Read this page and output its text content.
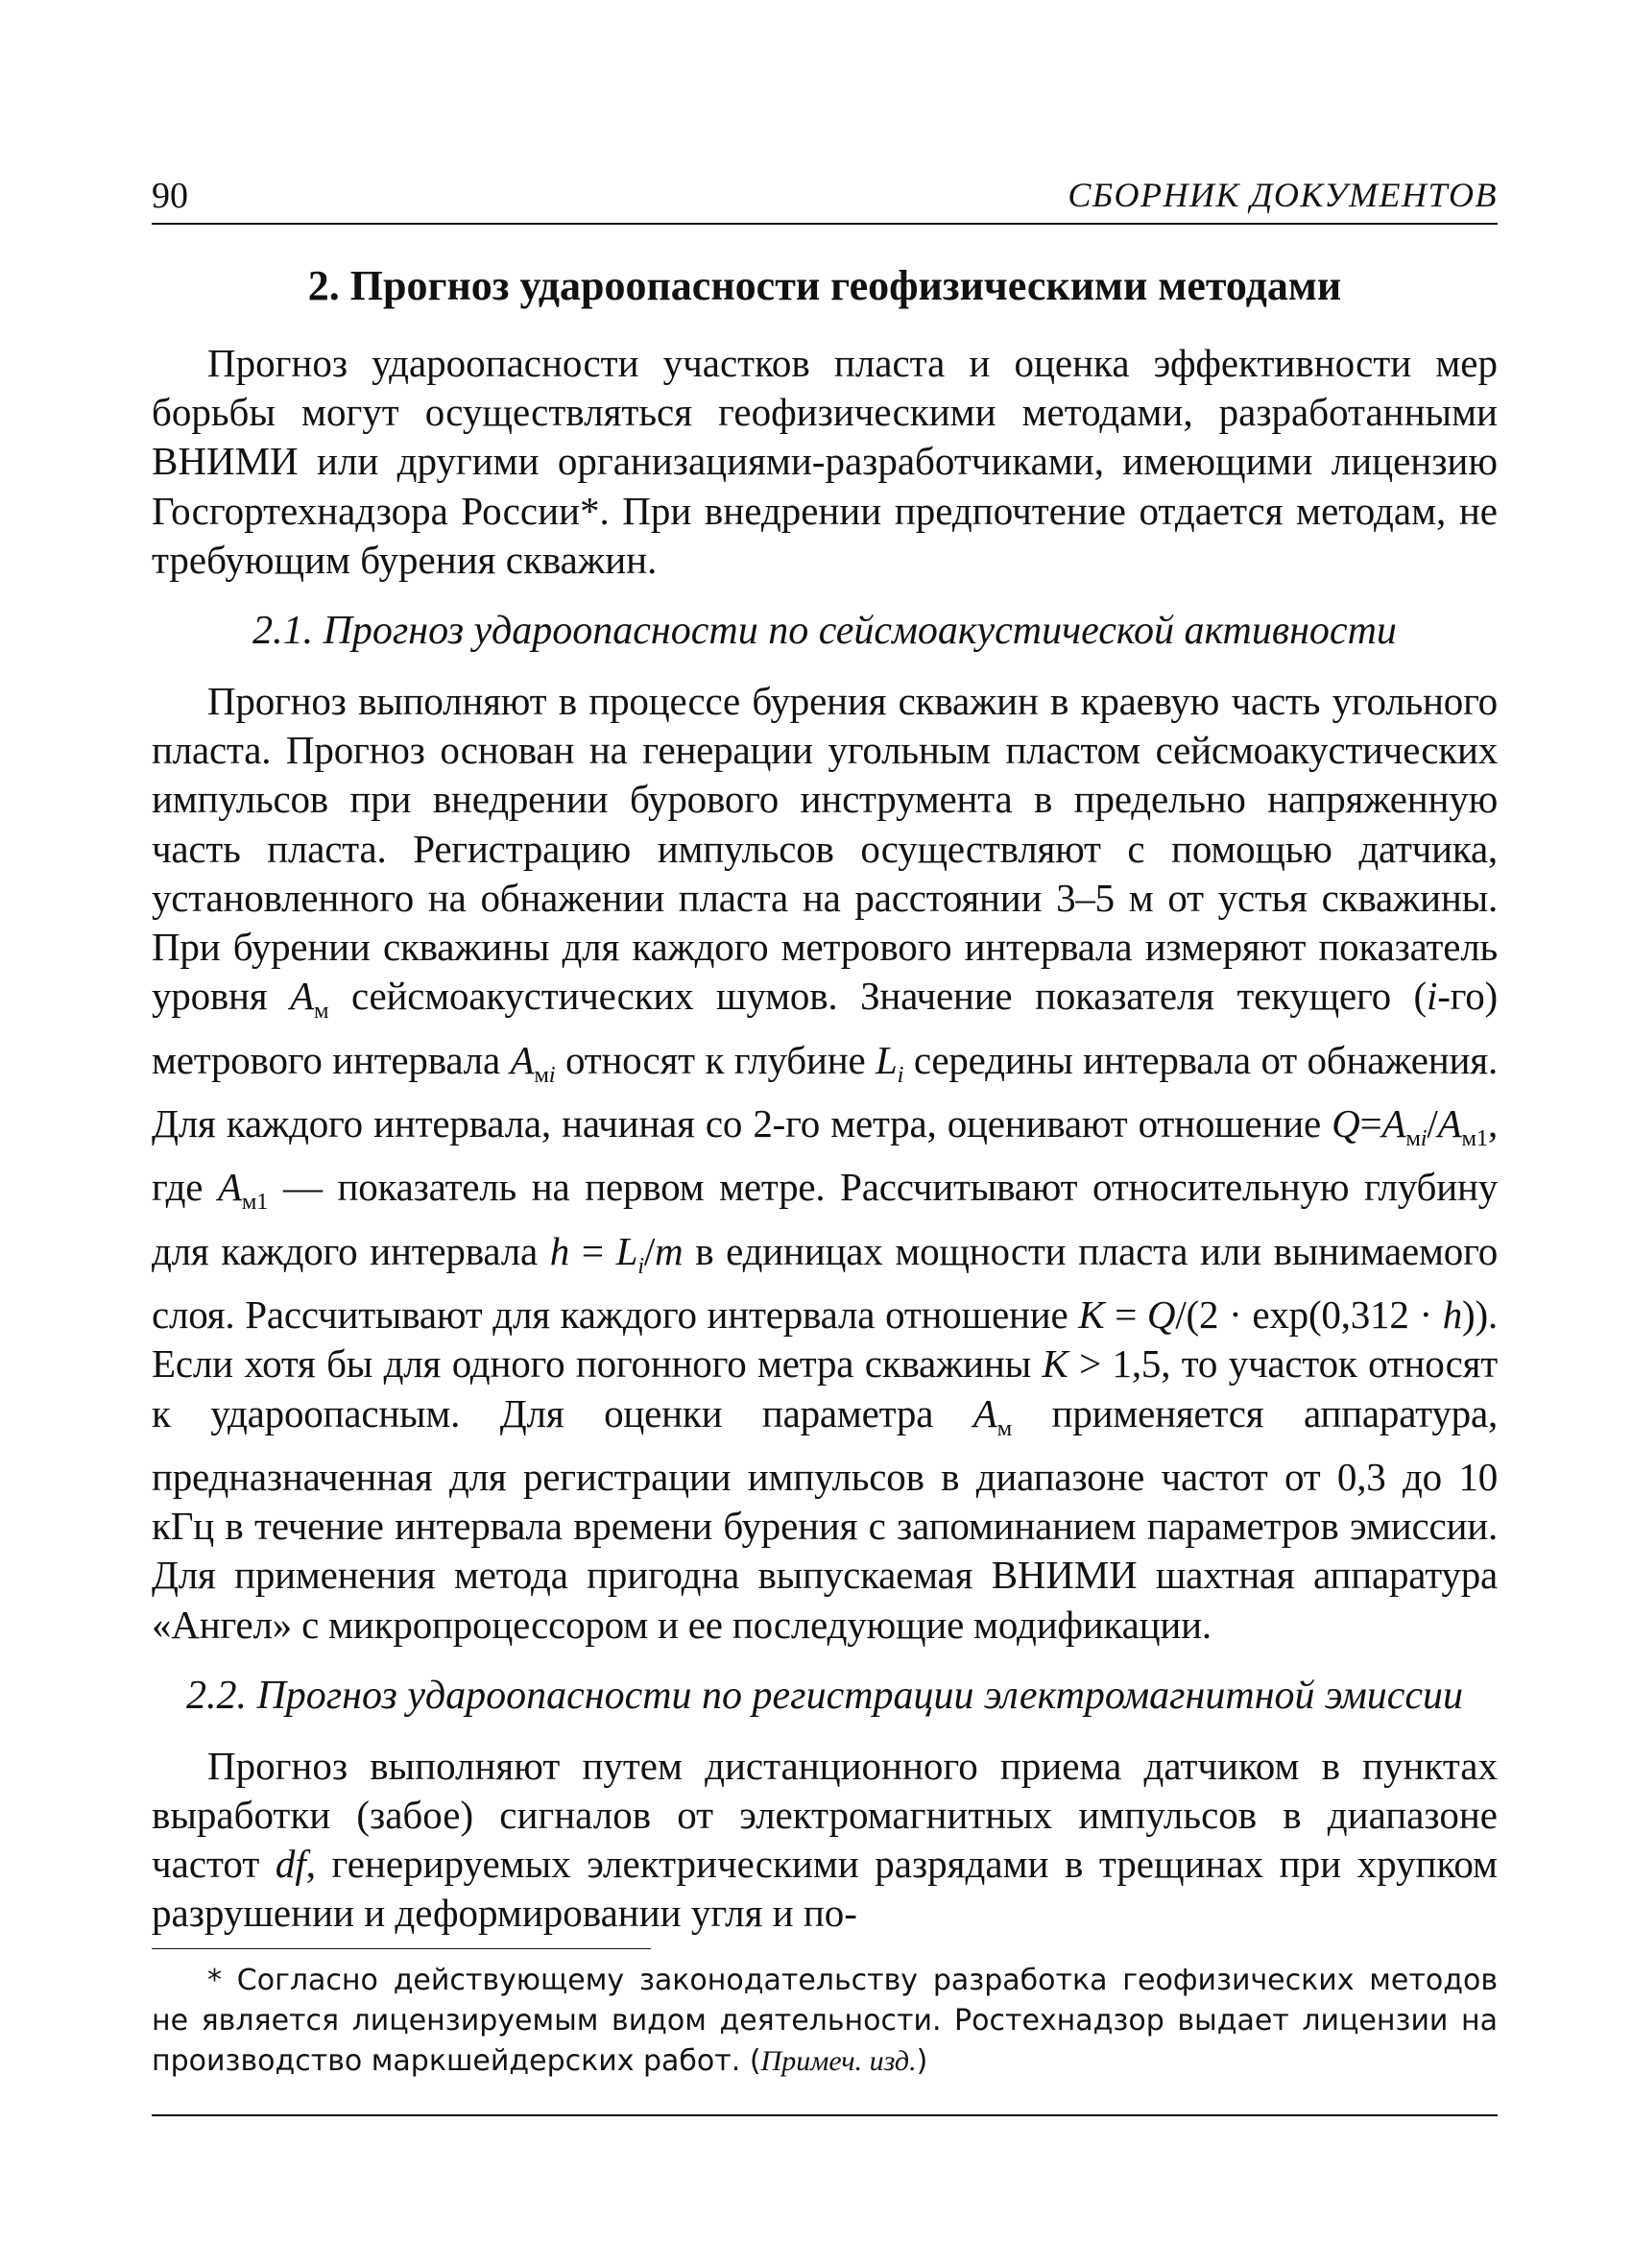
90	СБОРНИК ДОКУМЕНТОВ
2. Прогноз удароопасности геофизическими методами

Прогноз удароопасности участков пласта и оценка эффективности мер борьбы могут осуществляться геофизическими методами, разработанными ВНИМИ или другими организациями-разработчиками, имеющими лицензию Госгортехнадзора России*. При внедрении предпочтение отдается методам, не требующим бурения скважин.

2.1. Прогноз удароопасности по сейсмоакустической активности

Прогноз выполняют в процессе бурения скважин в краевую часть угольного пласта. Прогноз основан на генерации угольным пластом сейсмоакустических импульсов при внедрении бурового инструмента в предельно напряженную часть пласта. Регистрацию импульсов осуществляют с помощью датчика, установленного на обнажении пласта на расстоянии 3–5 м от устья скважины. При бурении скважины для каждого метрового интервала измеряют показатель уровня $A_м$ сейсмоакустических шумов. Значение показателя текущего (i-го) метрового интервала $A_{мi}$ относят к глубине $L_i$ середины интервала от обнажения. Для каждого интервала, начиная со 2-го метра, оценивают отношение $Q=A_{мi}/A_{м1}$, где $A_{м1}$ — показатель на первом метре. Рассчитывают относительную глубину для каждого интервала $h = L_i/m$ в единицах мощности пласта или вынимаемого слоя. Рассчитывают для каждого интервала отношение K = Q/(2 · exp(0,312 · h)). Если хотя бы для одного погонного метра скважины K > 1,5, то участок относят к удароопасным. Для оценки параметра $A_м$ применяется аппаратура, предназначенная для регистрации импульсов в диапазоне частот от 0,3 до 10 кГц в течение интервала времени бурения с запоминанием параметров эмиссии. Для применения метода пригодна выпускаемая ВНИМИ шахтная аппаратура «Ангел» с микропроцессором и ее последующие модификации.

2.2. Прогноз удароопасности по регистрации электромагнитной эмиссии

Прогноз выполняют путем дистанционного приема датчиком в пунктах выработки (забое) сигналов от электромагнитных импульсов в диапазоне частот df, генерируемых электрическими разрядами в трещинах при хрупком разрушении и деформировании угля и по-

* Согласно действующему законодательству разработка геофизических методов не является лицензируемым видом деятельности. Ростехнадзор выдает лицензии на производство маркшейдерских работ. (Примеч. изд.)
